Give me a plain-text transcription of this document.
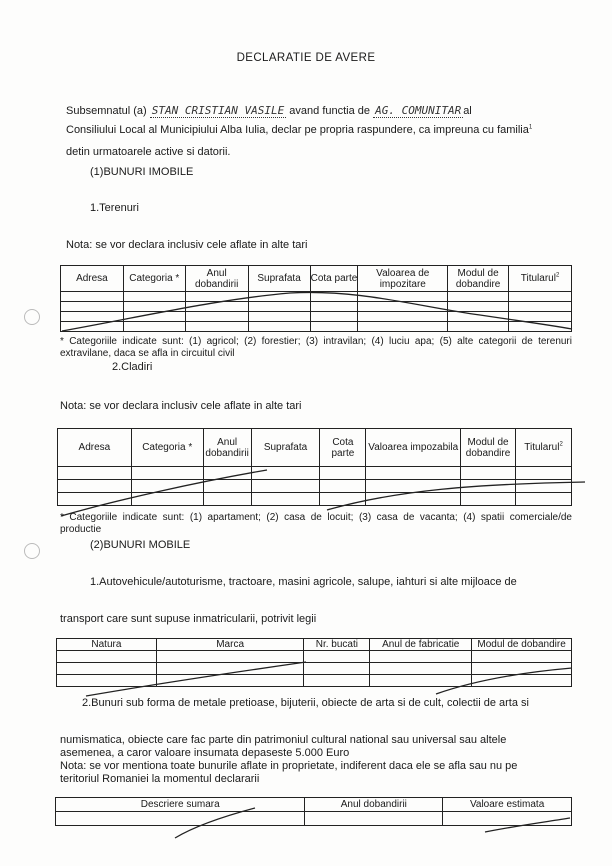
DECLARATIE DE AVERE
Subsemnatul (a) STAN CRISTIAN VASILE avand functia de AG. COMUNITAR al
Consiliului Local al Municipiului Alba Iulia, declar pe propria raspundere, ca impreuna cu familia$^1$
detin urmatoarele active si datorii.
(1)BUNURI IMOBILE
1.Terenuri
Nota: se vor declara inclusiv cele aflate in alte tari
Adresa	Categoria *	Anul dobandirii	Suprafata	Cota parte	Valoarea de impozitare	Modul de dobandire	Titularul$^2$

* Categoriile indicate sunt: (1) agricol; (2) forestier; (3) intravilan; (4) luciu apa; (5) alte categorii de terenuri extravilane, daca se afla in circuitul civil
2.Cladiri
Nota: se vor declara inclusiv cele aflate in alte tari
Adresa	Categoria *	Anul dobandirii	Suprafata	Cota parte	Valoarea impozabila	Modul de dobandire	Titularul$^2$

* Categoriile indicate sunt: (1) apartament; (2) casa de locuit; (3) casa de vacanta; (4) spatii comerciale/de productie
(2)BUNURI MOBILE
1.Autovehicule/autoturisme, tractoare, masini agricole, salupe, iahturi si alte mijloace de
transport care sunt supuse inmatricularii, potrivit legii
Natura	Marca	Nr. bucati	Anul de fabricatie	Modul de dobandire

2.Bunuri sub forma de metale pretioase, bijuterii, obiecte de arta si de cult, colectii de arta si
numismatica, obiecte care fac parte din patrimoniul cultural national sau universal sau altele
asemenea, a caror valoare insumata depaseste 5.000 Euro
Nota: se vor mentiona toate bunurile aflate in proprietate, indiferent daca ele se afla sau nu pe
teritoriul Romaniei la momentul declararii
Descriere sumara	Anul dobandirii	Valoare estimata
